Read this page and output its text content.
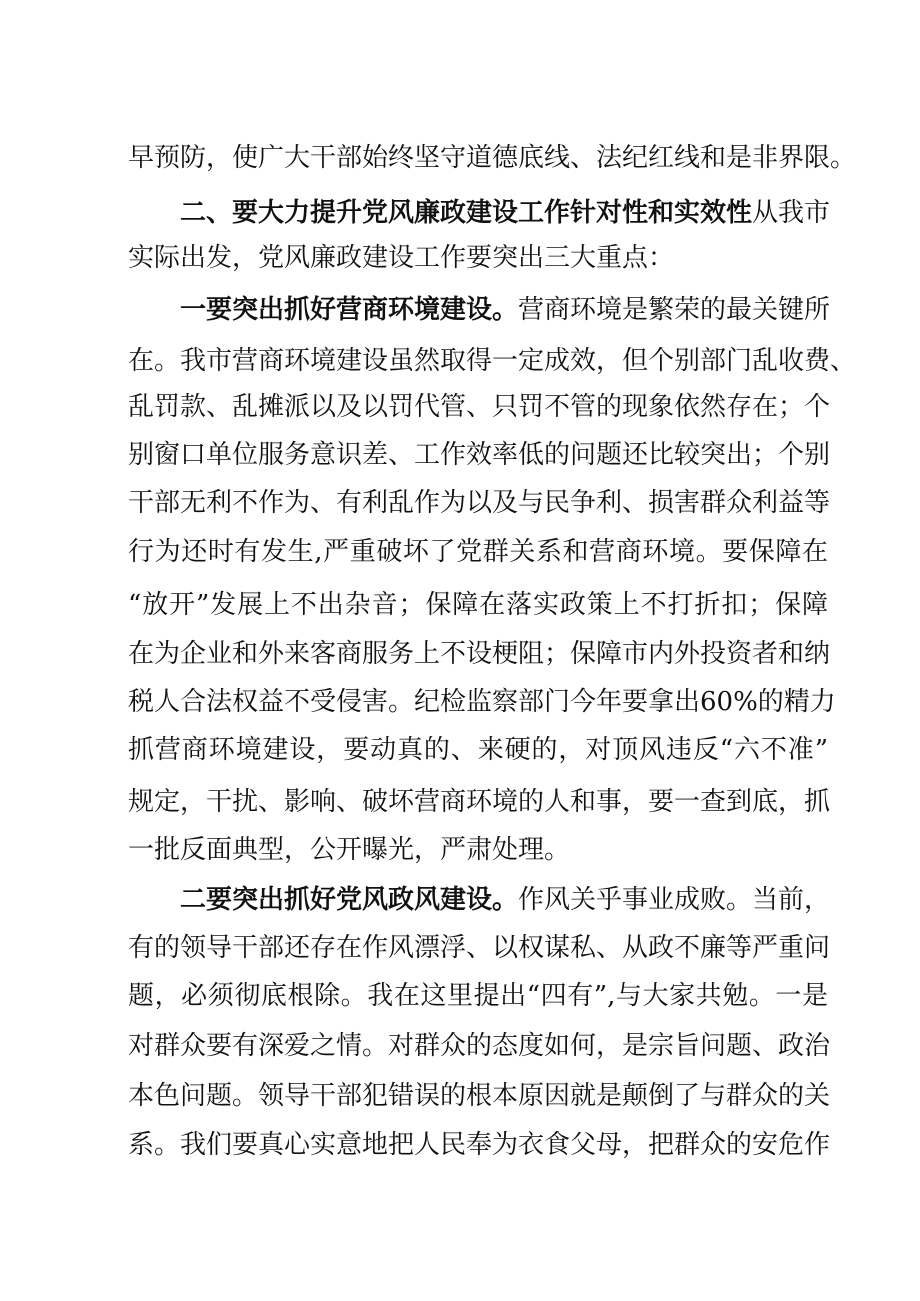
早预防，使广大干部始终坚守道德底线、法纪红线和是非界限。
二、要大力提升党风廉政建设工作针对性和实效性从我市
实际出发，党风廉政建设工作要突出三大重点：
一要突出抓好营商环境建设。营商环境是繁荣的最关键所
在。我市营商环境建设虽然取得一定成效，但个别部门乱收费、
乱罚款、乱摊派以及以罚代管、只罚不管的现象依然存在；个
别窗口单位服务意识差、工作效率低的问题还比较突出；个别
干部无利不作为、有利乱作为以及与民争利、损害群众利益等
行为还时有发生,严重破坏了党群关系和营商环境。要保障在
“放开”发展上不出杂音；保障在落实政策上不打折扣；保障
在为企业和外来客商服务上不设梗阻；保障市内外投资者和纳
税人合法权益不受侵害。纪检监察部门今年要拿出60%的精力
抓营商环境建设，要动真的、来硬的，对顶风违反“六不准”
规定，干扰、影响、破坏营商环境的人和事，要一查到底，抓
一批反面典型，公开曝光，严肃处理。
二要突出抓好党风政风建设。作风关乎事业成败。当前，
有的领导干部还存在作风漂浮、以权谋私、从政不廉等严重问
题，必须彻底根除。我在这里提出“四有”,与大家共勉。一是
对群众要有深爱之情。对群众的态度如何，是宗旨问题、政治
本色问题。领导干部犯错误的根本原因就是颠倒了与群众的关
系。我们要真心实意地把人民奉为衣食父母，把群众的安危作
